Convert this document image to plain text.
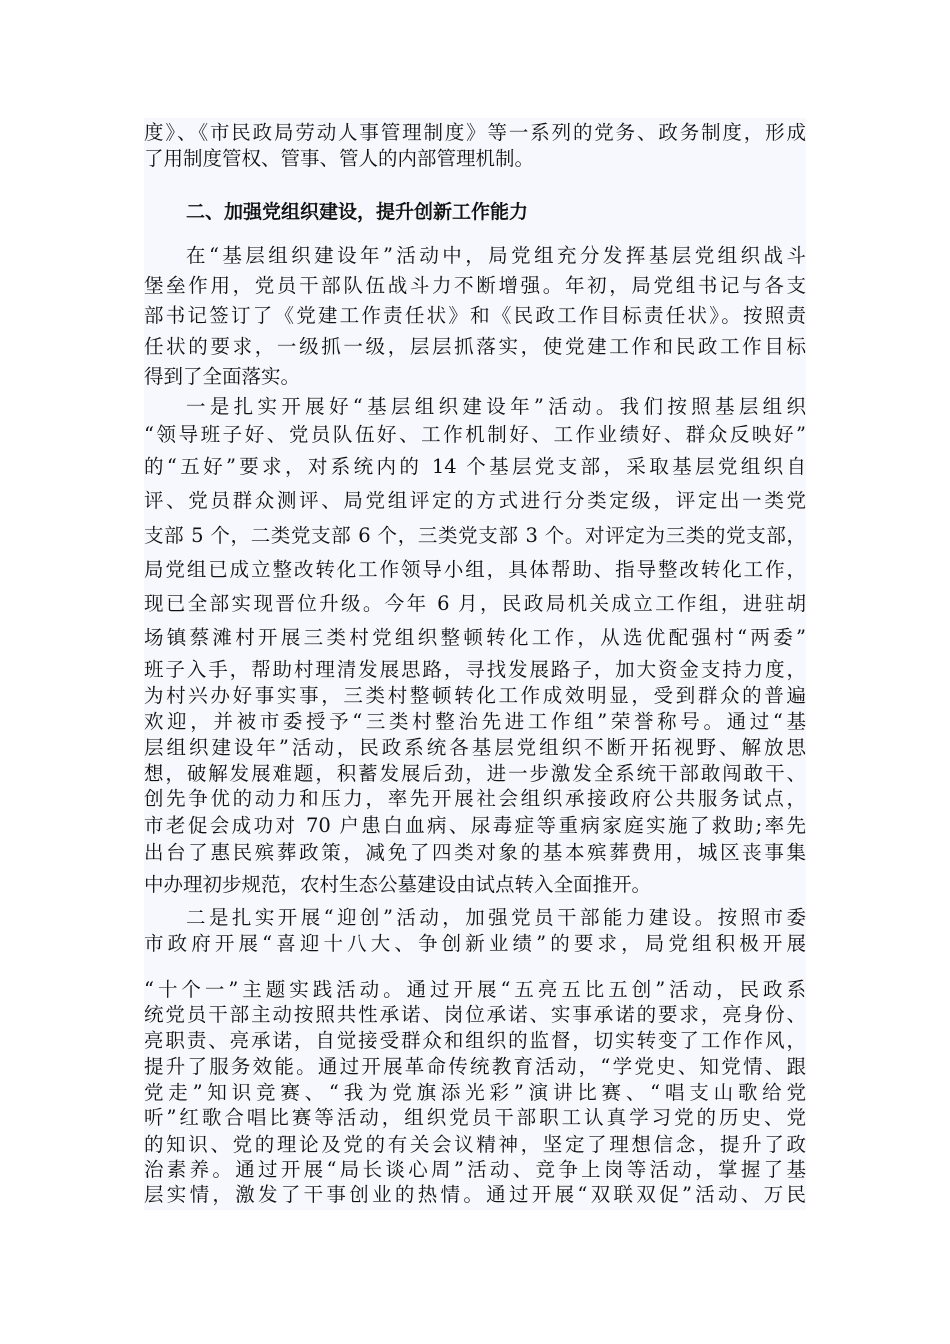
度》、《市民政局劳动人事管理制度》等一系列的党务、政务制度，形成
了用制度管权、管事、管人的内部管理机制。
二、加强党组织建设，提升创新工作能力
在“基层组织建设年”活动中，局党组充分发挥基层党组织战斗
堡垒作用，党员干部队伍战斗力不断增强。年初，局党组书记与各支
部书记签订了《党建工作责任状》和《民政工作目标责任状》。按照责
任状的要求，一级抓一级，层层抓落实，使党建工作和民政工作目标
得到了全面落实。
一是扎实开展好“基层组织建设年”活动。我们按照基层组织
“领导班子好、党员队伍好、工作机制好、工作业绩好、群众反映好”
的“五好”要求，对系统内的 14 个基层党支部，采取基层党组织自
评、党员群众测评、局党组评定的方式进行分类定级，评定出一类党
支部 5 个，二类党支部 6 个，三类党支部 3 个。对评定为三类的党支部，
局党组已成立整改转化工作领导小组，具体帮助、指导整改转化工作，
现已全部实现晋位升级。今年 6 月，民政局机关成立工作组，进驻胡
场镇蔡滩村开展三类村党组织整顿转化工作，从选优配强村“两委”
班子入手，帮助村理清发展思路，寻找发展路子，加大资金支持力度，
为村兴办好事实事，三类村整顿转化工作成效明显，受到群众的普遍
欢迎，并被市委授予“三类村整治先进工作组”荣誉称号。通过“基
层组织建设年”活动，民政系统各基层党组织不断开拓视野、解放思
想，破解发展难题，积蓄发展后劲，进一步激发全系统干部敢闯敢干、
创先争优的动力和压力，率先开展社会组织承接政府公共服务试点，
市老促会成功对 70 户患白血病、尿毒症等重病家庭实施了救助;率先
出台了惠民殡葬政策，减免了四类对象的基本殡葬费用，城区丧事集
中办理初步规范，农村生态公墓建设由试点转入全面推开。
二是扎实开展“迎创”活动，加强党员干部能力建设。按照市委
市政府开展“喜迎十八大、争创新业绩”的要求，局党组积极开展
“十个一”主题实践活动。通过开展“五亮五比五创”活动，民政系
统党员干部主动按照共性承诺、岗位承诺、实事承诺的要求，亮身份、
亮职责、亮承诺，自觉接受群众和组织的监督，切实转变了工作作风，
提升了服务效能。通过开展革命传统教育活动，“学党史、知党情、跟
党走”知识竞赛、“我为党旗添光彩”演讲比赛、“唱支山歌给党
听”红歌合唱比赛等活动，组织党员干部职工认真学习党的历史、党
的知识、党的理论及党的有关会议精神，坚定了理想信念，提升了政
治素养。通过开展“局长谈心周”活动、竞争上岗等活动，掌握了基
层实情，激发了干事创业的热情。通过开展“双联双促”活动、万民
